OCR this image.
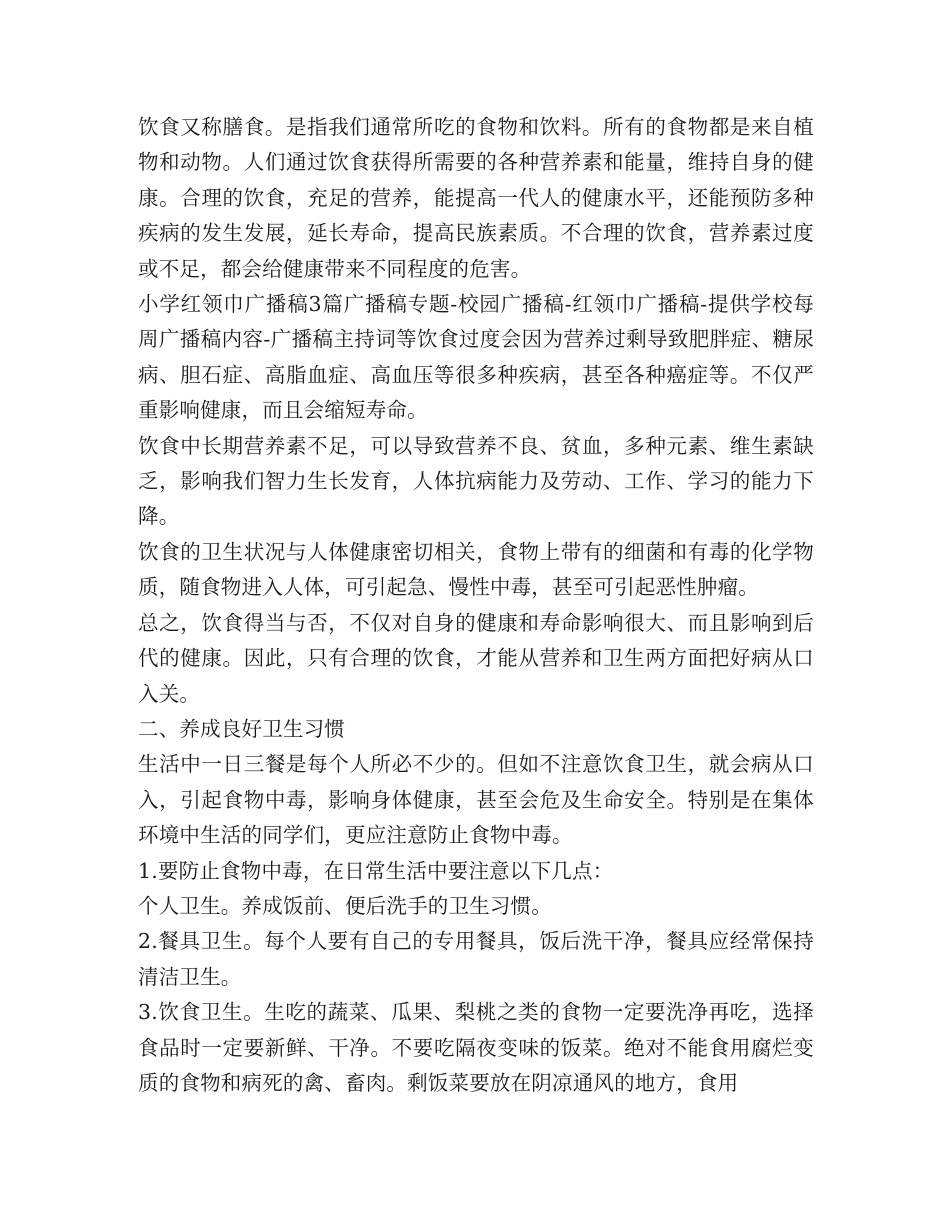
饮食又称膳食。是指我们通常所吃的食物和饮料。所有的食物都是来自植物和动物。人们通过饮食获得所需要的各种营养素和能量，维持自身的健康。合理的饮食，充足的营养，能提高一代人的健康水平，还能预防多种疾病的发生发展，延长寿命，提高民族素质。不合理的饮食，营养素过度或不足，都会给健康带来不同程度的危害。

小学红领巾广播稿3篇广播稿专题-校园广播稿-红领巾广播稿-提供学校每周广播稿内容-广播稿主持词等饮食过度会因为营养过剩导致肥胖症、糖尿病、胆石症、高脂血症、高血压等很多种疾病，甚至各种癌症等。不仅严重影响健康，而且会缩短寿命。

饮食中长期营养素不足，可以导致营养不良、贫血，多种元素、维生素缺乏，影响我们智力生长发育，人体抗病能力及劳动、工作、学习的能力下降。

饮食的卫生状况与人体健康密切相关，食物上带有的细菌和有毒的化学物质，随食物进入人体，可引起急、慢性中毒，甚至可引起恶性肿瘤。

总之，饮食得当与否，不仅对自身的健康和寿命影响很大、而且影响到后代的健康。因此，只有合理的饮食，才能从营养和卫生两方面把好病从口入关。

二、养成良好卫生习惯

生活中一日三餐是每个人所必不少的。但如不注意饮食卫生，就会病从口入，引起食物中毒，影响身体健康，甚至会危及生命安全。特别是在集体环境中生活的同学们，更应注意防止食物中毒。

1.要防止食物中毒，在日常生活中要注意以下几点：

个人卫生。养成饭前、便后洗手的卫生习惯。

2.餐具卫生。每个人要有自己的专用餐具，饭后洗干净，餐具应经常保持清洁卫生。

3.饮食卫生。生吃的蔬菜、瓜果、梨桃之类的食物一定要洗净再吃，选择食品时一定要新鲜、干净。不要吃隔夜变味的饭菜。绝对不能食用腐烂变质的食物和病死的禽、畜肉。剩饭菜要放在阴凉通风的地方，食用
